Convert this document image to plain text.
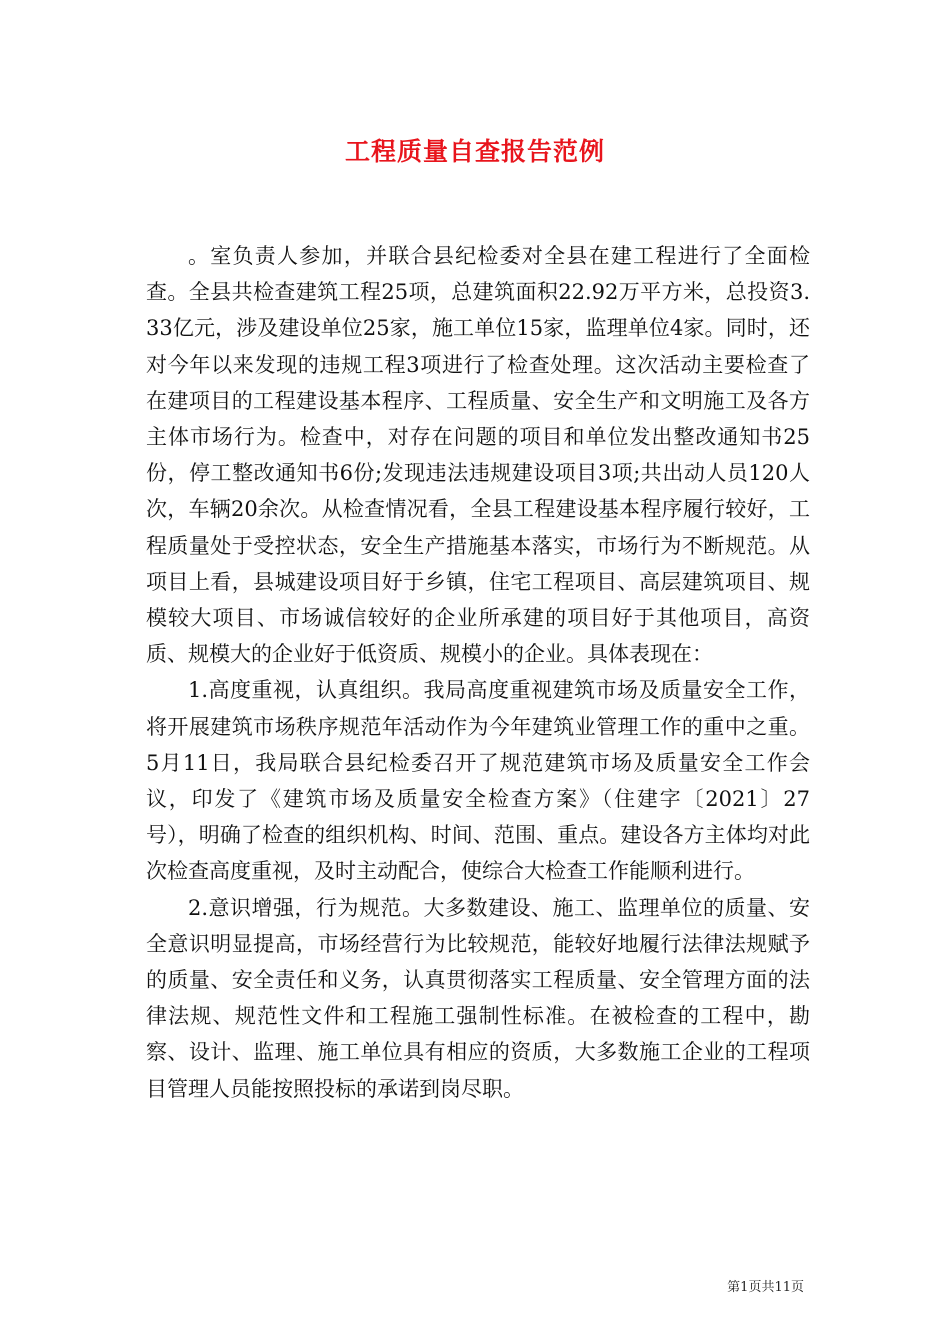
工程质量自查报告范例

。室负责人参加，并联合县纪检委对全县在建工程进行了全面检查。全县共检查建筑工程25项，总建筑面积22.92万平方米，总投资3.33亿元，涉及建设单位25家，施工单位15家，监理单位4家。同时，还对今年以来发现的违规工程3项进行了检查处理。这次活动主要检查了在建项目的工程建设基本程序、工程质量、安全生产和文明施工及各方主体市场行为。检查中，对存在问题的项目和单位发出整改通知书25份，停工整改通知书6份;发现违法违规建设项目3项;共出动人员120人次，车辆20余次。从检查情况看，全县工程建设基本程序履行较好，工程质量处于受控状态，安全生产措施基本落实，市场行为不断规范。从项目上看，县城建设项目好于乡镇，住宅工程项目、高层建筑项目、规模较大项目、市场诚信较好的企业所承建的项目好于其他项目，高资质、规模大的企业好于低资质、规模小的企业。具体表现在：

1.高度重视，认真组织。我局高度重视建筑市场及质量安全工作，将开展建筑市场秩序规范年活动作为今年建筑业管理工作的重中之重。5月11日，我局联合县纪检委召开了规范建筑市场及质量安全工作会议，印发了《建筑市场及质量安全检查方案》（住建字〔2021〕27号），明确了检查的组织机构、时间、范围、重点。建设各方主体均对此次检查高度重视，及时主动配合，使综合大检查工作能顺利进行。

2.意识增强，行为规范。大多数建设、施工、监理单位的质量、安全意识明显提高，市场经营行为比较规范，能较好地履行法律法规赋予的质量、安全责任和义务，认真贯彻落实工程质量、安全管理方面的法律法规、规范性文件和工程施工强制性标准。在被检查的工程中，勘察、设计、监理、施工单位具有相应的资质，大多数施工企业的工程项目管理人员能按照投标的承诺到岗尽职。

第1页共11页
